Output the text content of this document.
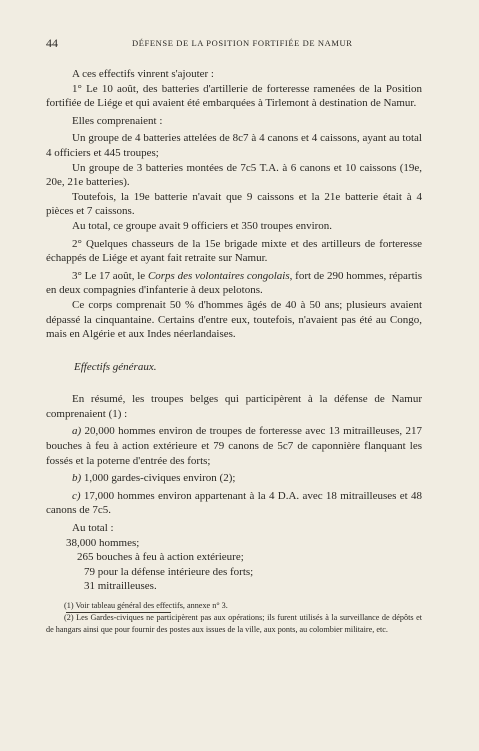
44	DÉFENSE DE LA POSITION FORTIFIÉE DE NAMUR

A ces effectifs vinrent s'ajouter :

1° Le 10 août, des batteries d'artillerie de forteresse ramenées de la Position fortifiée de Liége et qui avaient été embarquées à Tirlemont à destination de Namur.

Elles comprenaient :

Un groupe de 4 batteries attelées de 8c7 à 4 canons et 4 caissons, ayant au total 4 officiers et 445 troupes;

Un groupe de 3 batteries montées de 7c5 T.A. à 6 canons et 10 caissons (19e, 20e, 21e batteries).

Toutefois, la 19e batterie n'avait que 9 caissons et la 21e batterie était à 4 pièces et 7 caissons.

Au total, ce groupe avait 9 officiers et 350 troupes environ.

2° Quelques chasseurs de la 15e brigade mixte et des artilleurs de forteresse échappés de Liége et ayant fait retraite sur Namur.

3° Le 17 août, le Corps des volontaires congolais, fort de 290 hommes, répartis en deux compagnies d'infanterie à deux pelotons.

Ce corps comprenait 50 % d'hommes âgés de 40 à 50 ans; plusieurs avaient dépassé la cinquantaine. Certains d'entre eux, toutefois, n'avaient pas été au Congo, mais en Algérie et aux Indes néerlandaises.

Effectifs généraux.

En résumé, les troupes belges qui participèrent à la défense de Namur comprenaient (1) :

a) 20,000 hommes environ de troupes de forteresse avec 13 mitrailleuses, 217 bouches à feu à action extérieure et 79 canons de 5c7 de caponnière flanquant les fossés et la poterne d'entrée des forts;

b) 1,000 gardes-civiques environ (2);

c) 17,000 hommes environ appartenant à la 4 D.A. avec 18 mitrailleuses et 48 canons de 7c5.

Au total :

38,000 hommes;

265 bouches à feu à action extérieure;

79 pour la défense intérieure des forts;

31 mitrailleuses.

(1) Voir tableau général des effectifs, annexe n° 3.

(2) Les Gardes-civiques ne participèrent pas aux opérations; ils furent utilisés à la surveillance de dépôts et de hangars ainsi que pour fournir des postes aux issues de la ville, aux ponts, au colombier militaire, etc.
